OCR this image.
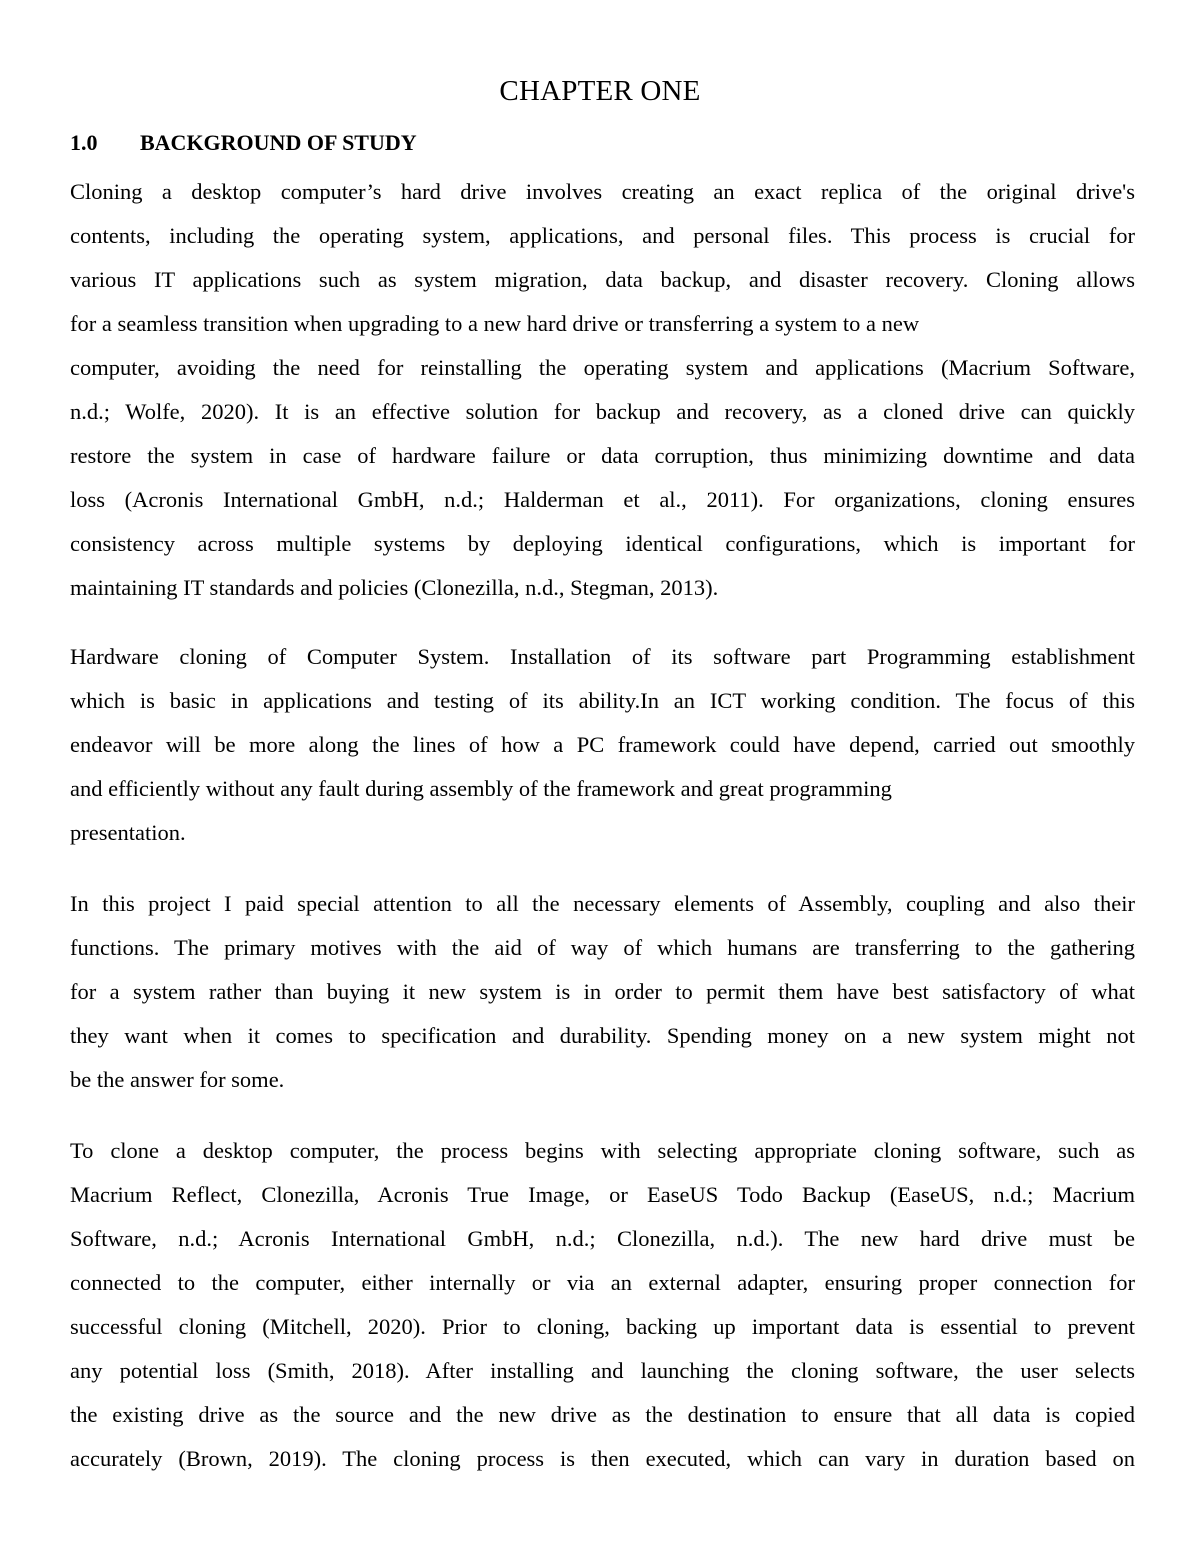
CHAPTER ONE
1.0 BACKGROUND OF STUDY
Cloning a desktop computer’s hard drive involves creating an exact replica of the original drive's
contents, including the operating system, applications, and personal files. This process is crucial for
various IT applications such as system migration, data backup, and disaster recovery. Cloning allows
for a seamless transition when upgrading to a new hard drive or transferring a system to a new
computer, avoiding the need for reinstalling the operating system and applications (Macrium Software,
n.d.; Wolfe, 2020). It is an effective solution for backup and recovery, as a cloned drive can quickly
restore the system in case of hardware failure or data corruption, thus minimizing downtime and data
loss (Acronis International GmbH, n.d.; Halderman et al., 2011). For organizations, cloning ensures
consistency across multiple systems by deploying identical configurations, which is important for
maintaining IT standards and policies (Clonezilla, n.d., Stegman, 2013).
Hardware cloning of Computer System. Installation of its software part Programming establishment
which is basic in applications and testing of its ability.In an ICT working condition. The focus of this
endeavor will be more along the lines of how a PC framework could have depend, carried out smoothly
and efficiently without any fault during assembly of the framework and great programming
presentation.
In this project I paid special attention to all the necessary elements of Assembly, coupling and also their
functions. The primary motives with the aid of way of which humans are transferring to the gathering
for a system rather than buying it new system is in order to permit them have best satisfactory of what
they want when it comes to specification and durability. Spending money on a new system might not
be the answer for some.
To clone a desktop computer, the process begins with selecting appropriate cloning software, such as
Macrium Reflect, Clonezilla, Acronis True Image, or EaseUS Todo Backup (EaseUS, n.d.; Macrium
Software, n.d.; Acronis International GmbH, n.d.; Clonezilla, n.d.). The new hard drive must be
connected to the computer, either internally or via an external adapter, ensuring proper connection for
successful cloning (Mitchell, 2020). Prior to cloning, backing up important data is essential to prevent
any potential loss (Smith, 2018). After installing and launching the cloning software, the user selects
the existing drive as the source and the new drive as the destination to ensure that all data is copied
accurately (Brown, 2019). The cloning process is then executed, which can vary in duration based on
